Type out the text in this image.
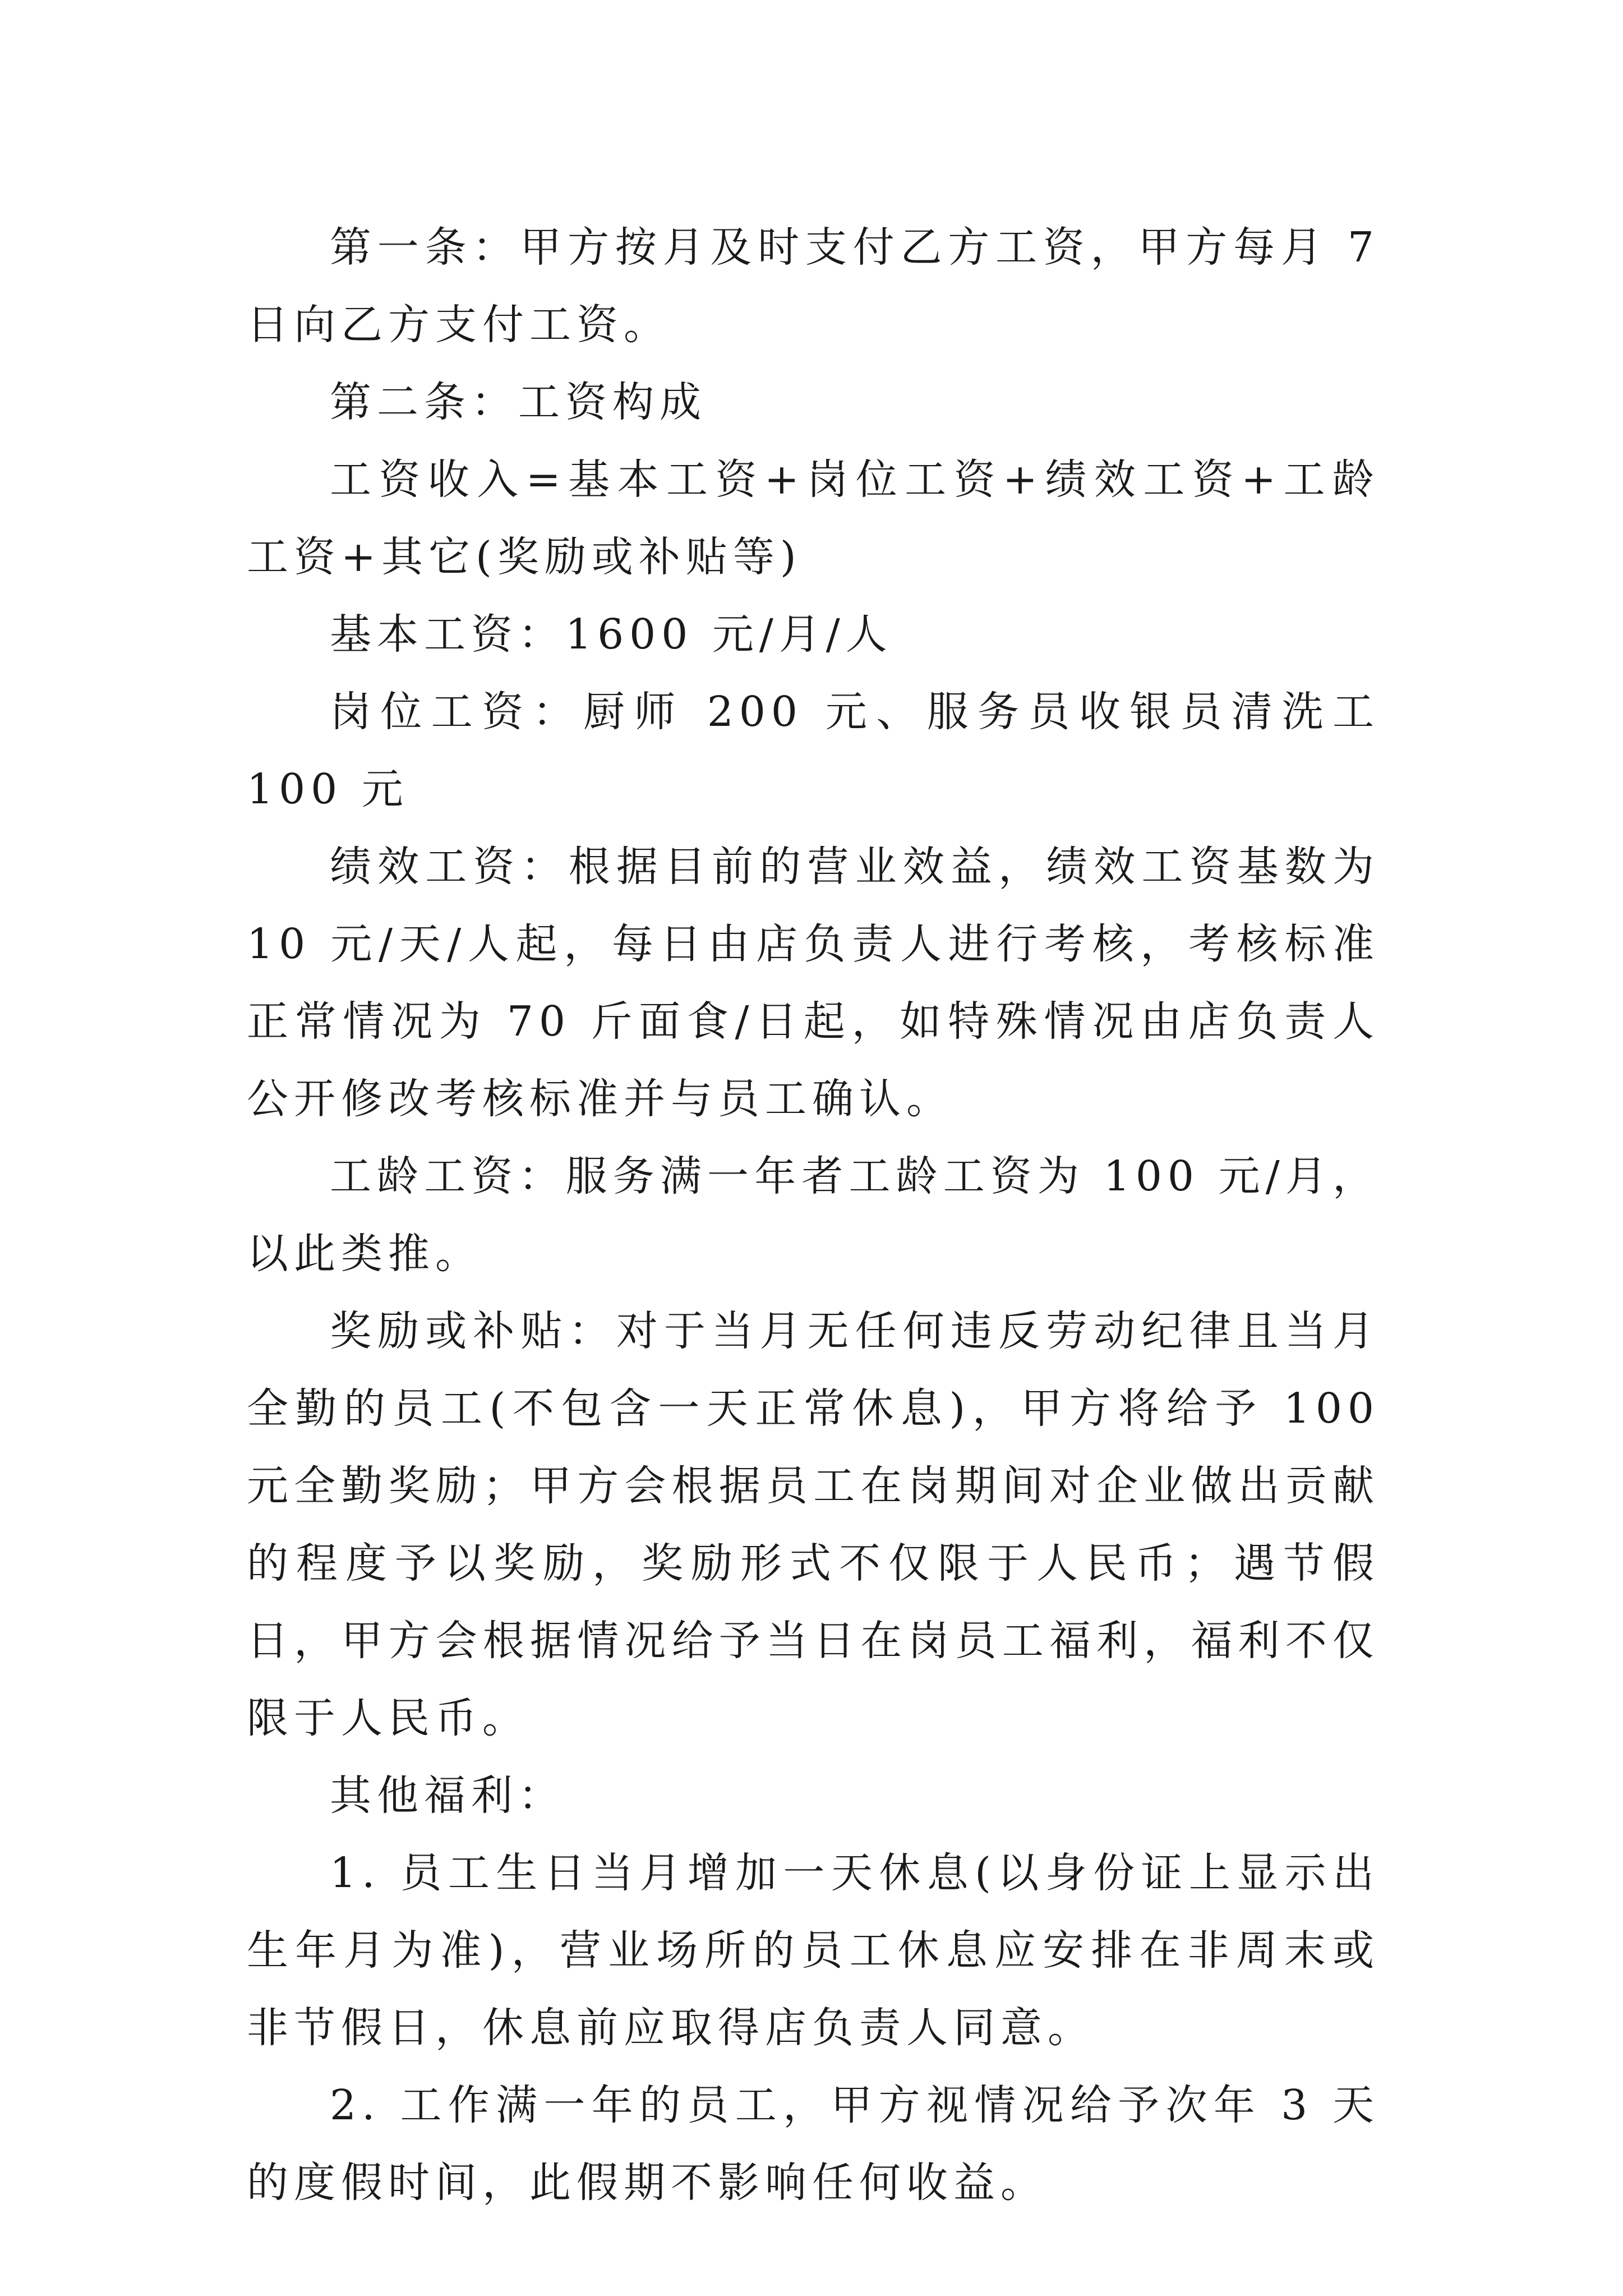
第一条：甲方按月及时支付乙方工资，甲方每月 7 日向乙方支付工资。

第二条：工资构成

工资收入=基本工资+岗位工资+绩效工资+工龄工资+其它(奖励或补贴等)

基本工资：1600 元/月/人

岗位工资：厨师 200 元、服务员收银员清洗工 100 元

绩效工资：根据目前的营业效益，绩效工资基数为 10 元/天/人起，每日由店负责人进行考核，考核标准正常情况为 70 斤面食/日起，如特殊情况由店负责人公开修改考核标准并与员工确认。

工龄工资：服务满一年者工龄工资为 100 元/月，以此类推。

奖励或补贴：对于当月无任何违反劳动纪律且当月全勤的员工(不包含一天正常休息)，甲方将给予 100 元全勤奖励；甲方会根据员工在岗期间对企业做出贡献的程度予以奖励，奖励形式不仅限于人民币；遇节假日，甲方会根据情况给予当日在岗员工福利，福利不仅限于人民币。

其他福利：

1. 员工生日当月增加一天休息(以身份证上显示出生年月为准)，营业场所的员工休息应安排在非周末或非节假日，休息前应取得店负责人同意。

2. 工作满一年的员工，甲方视情况给予次年 3 天的度假时间，此假期不影响任何收益。
